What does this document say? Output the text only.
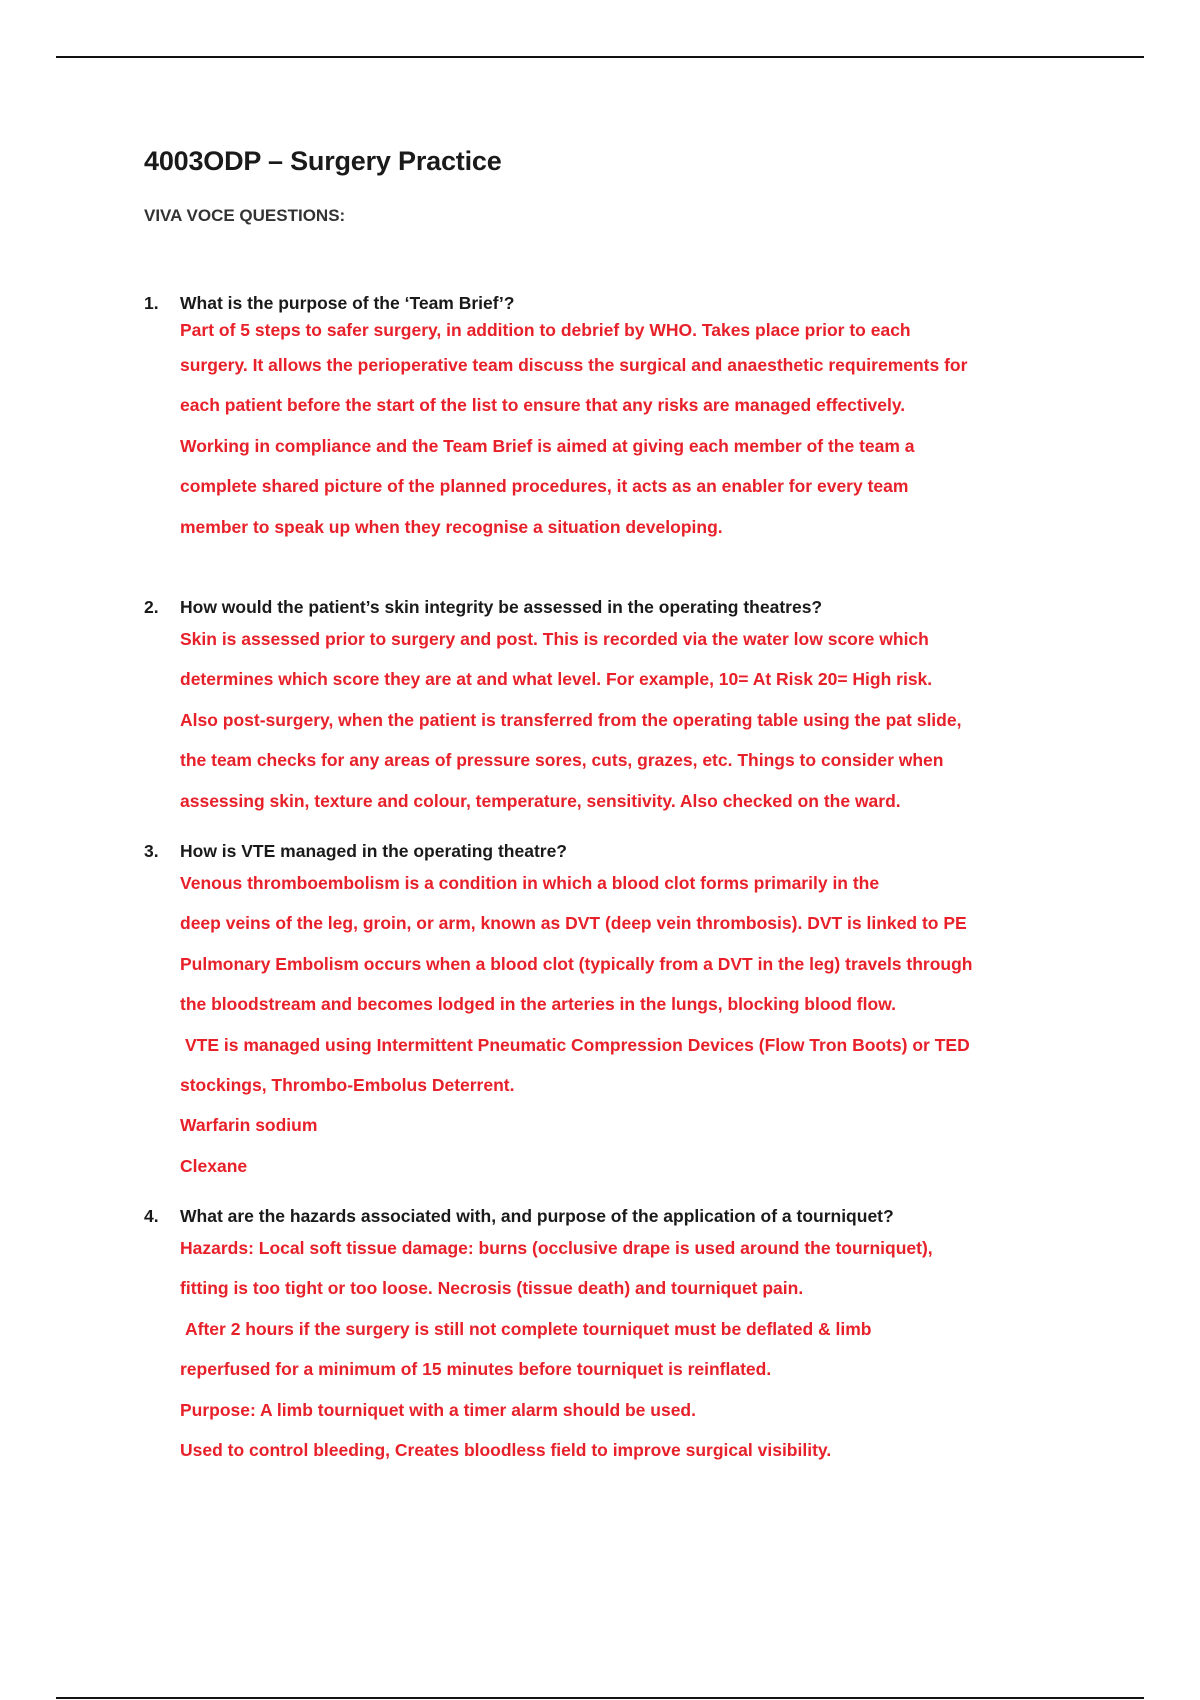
4003ODP – Surgery Practice

VIVA VOCE QUESTIONS:

1.	What is the purpose of the ‘Team Brief’?
Part of 5 steps to safer surgery, in addition to debrief by WHO. Takes place prior to each
surgery. It allows the perioperative team discuss the surgical and anaesthetic requirements for
each patient before the start of the list to ensure that any risks are managed effectively.
Working in compliance and the Team Brief is aimed at giving each member of the team a
complete shared picture of the planned procedures, it acts as an enabler for every team
member to speak up when they recognise a situation developing.
2.	How would the patient’s skin integrity be assessed in the operating theatres?
Skin is assessed prior to surgery and post. This is recorded via the water low score which
determines which score they are at and what level. For example, 10= At Risk 20= High risk.
Also post-surgery, when the patient is transferred from the operating table using the pat slide,
the team checks for any areas of pressure sores, cuts, grazes, etc. Things to consider when
assessing skin, texture and colour, temperature, sensitivity. Also checked on the ward.
3.	How is VTE managed in the operating theatre?
Venous thromboembolism is a condition in which a blood clot forms primarily in the
deep veins of the leg, groin, or arm, known as DVT (deep vein thrombosis). DVT is linked to PE
Pulmonary Embolism occurs when a blood clot (typically from a DVT in the leg) travels through
the bloodstream and becomes lodged in the arteries in the lungs, blocking blood flow.
VTE is managed using Intermittent Pneumatic Compression Devices (Flow Tron Boots) or TED
stockings, Thrombo-Embolus Deterrent.
Warfarin sodium
Clexane
4.	What are the hazards associated with, and purpose of the application of a tourniquet?
Hazards: Local soft tissue damage: burns (occlusive drape is used around the tourniquet),
fitting is too tight or too loose. Necrosis (tissue death) and tourniquet pain.
After 2 hours if the surgery is still not complete tourniquet must be deflated & limb
reperfused for a minimum of 15 minutes before tourniquet is reinflated.
Purpose: A limb tourniquet with a timer alarm should be used.
Used to control bleeding, Creates bloodless field to improve surgical visibility.
